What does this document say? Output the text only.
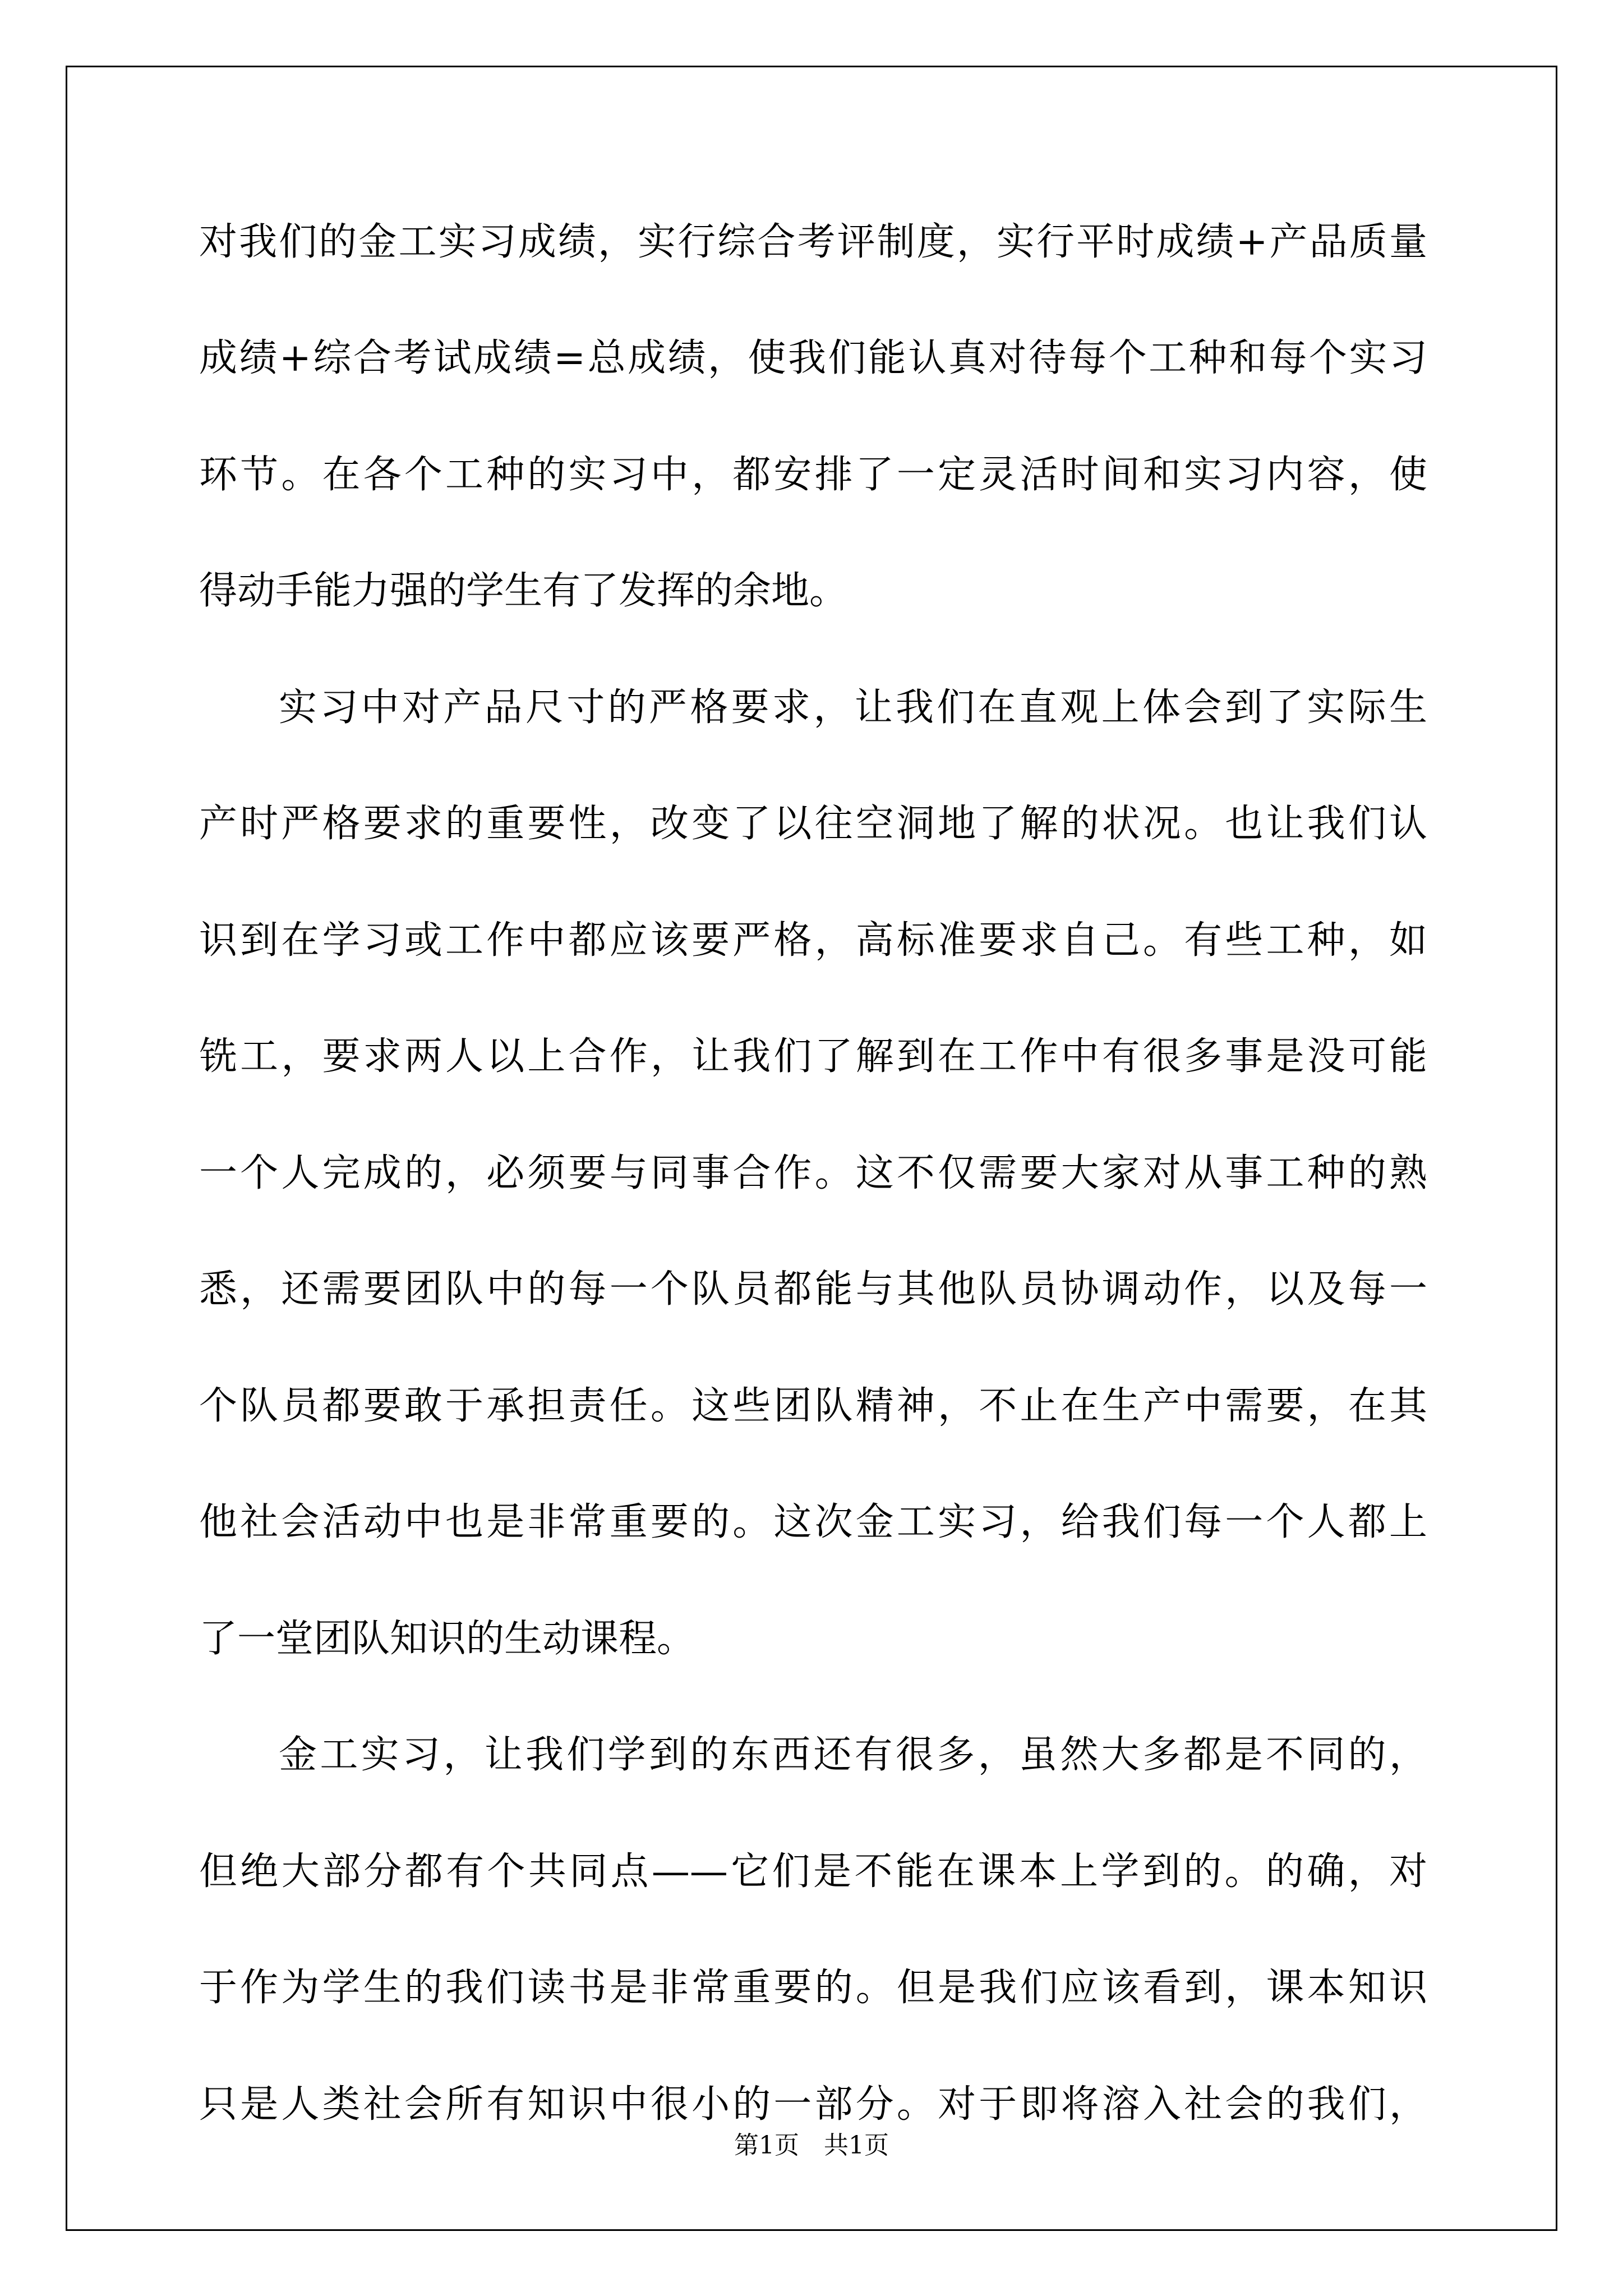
对我们的金工实习成绩，实行综合考评制度，实行平时成绩+产品质量
成绩+综合考试成绩=总成绩，使我们能认真对待每个工种和每个实习
环节。在各个工种的实习中，都安排了一定灵活时间和实习内容，使
得动手能力强的学生有了发挥的余地。
实习中对产品尺寸的严格要求，让我们在直观上体会到了实际生
产时严格要求的重要性，改变了以往空洞地了解的状况。也让我们认
识到在学习或工作中都应该要严格，高标准要求自己。有些工种，如
铣工，要求两人以上合作，让我们了解到在工作中有很多事是没可能
一个人完成的，必须要与同事合作。这不仅需要大家对从事工种的熟
悉，还需要团队中的每一个队员都能与其他队员协调动作，以及每一
个队员都要敢于承担责任。这些团队精神，不止在生产中需要，在其
他社会活动中也是非常重要的。这次金工实习，给我们每一个人都上
了一堂团队知识的生动课程。
金工实习，让我们学到的东西还有很多，虽然大多都是不同的，
但绝大部分都有个共同点——它们是不能在课本上学到的。的确，对
于作为学生的我们读书是非常重要的。但是我们应该看到，课本知识
只是人类社会所有知识中很小的一部分。对于即将溶入社会的我们，
第1页 共1页
